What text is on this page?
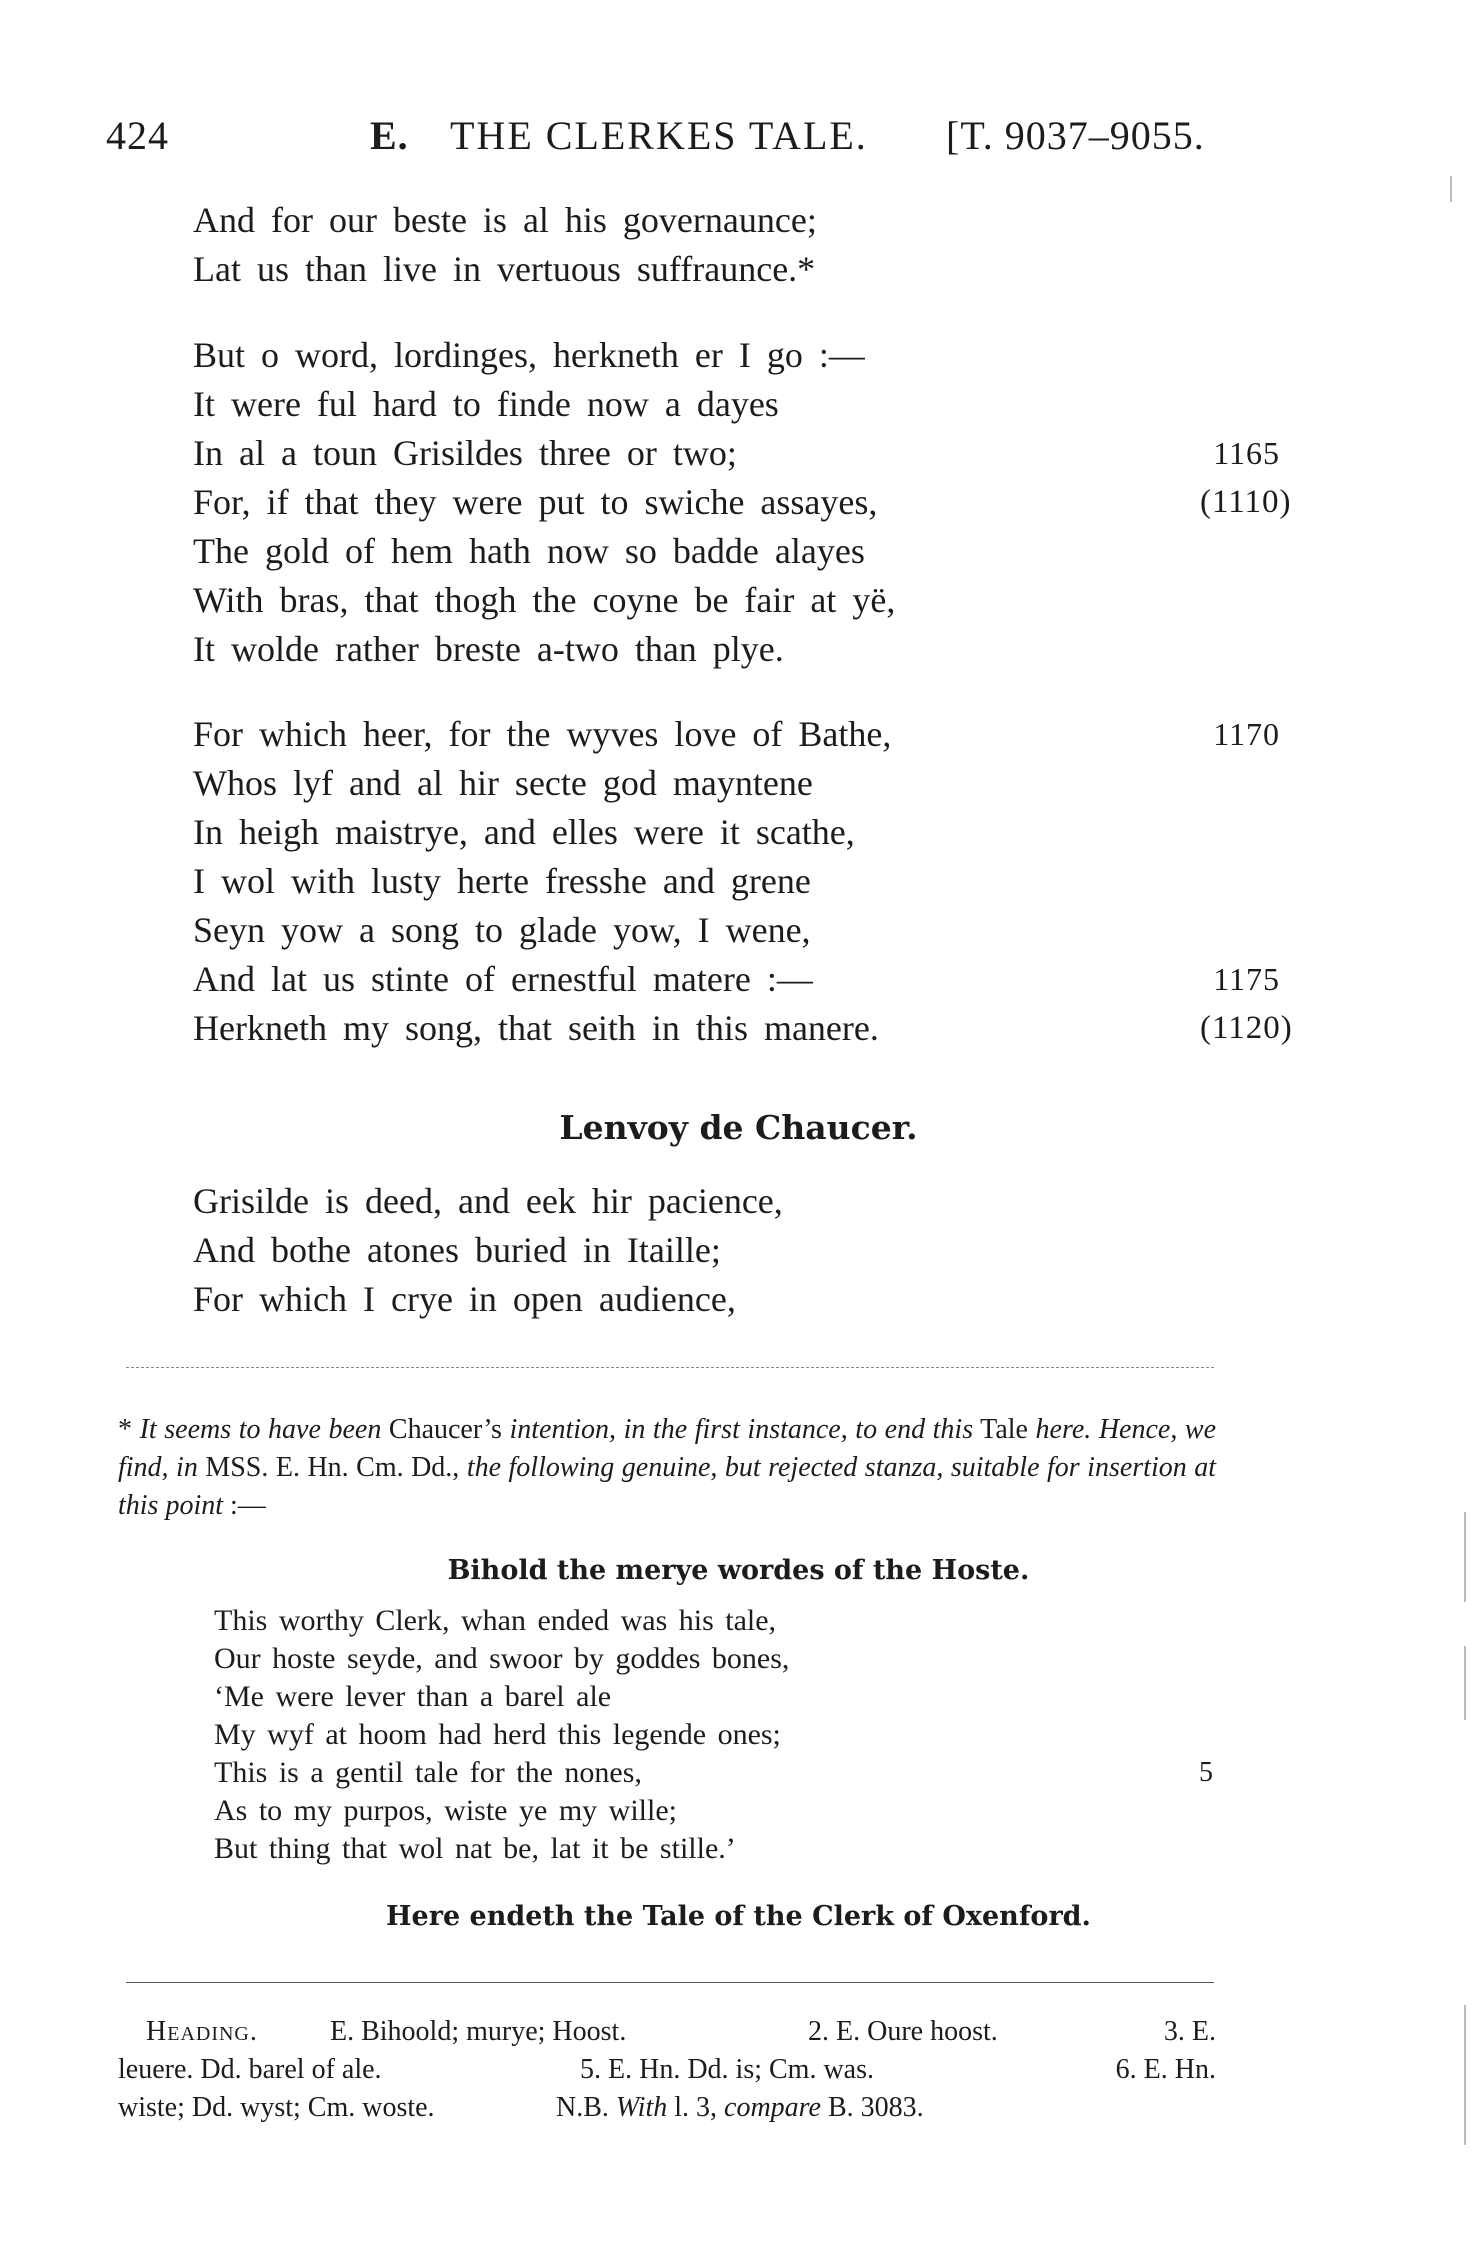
424	E. THE CLERKES TALE. [T. 9037–9055.
And for our beste is al his governaunce;
Lat us than live in vertuous suffraunce.*
But o word, lordinges, herkneth er I go :—
It were ful hard to finde now a dayes
In al a toun Grisildes three or two;	1165
For, if that they were put to swiche assayes,	(1110)
The gold of hem hath now so badde alayes
With bras, that thogh the coyne be fair at yë,
It wolde rather breste a-two than plye.
For which heer, for the wyves love of Bathe,	1170
Whos lyf and al hir secte god mayntene
In heigh maistrye, and elles were it scathe,
I wol with lusty herte fresshe and grene
Seyn yow a song to glade yow, I wene,
And lat us stinte of ernestful matere :—	1175
Herkneth my song, that seith in this manere.	(1120)
Lenvoy de Chaucer.
Grisilde is deed, and eek hir pacience,
And bothe atones buried in Itaille;
For which I crye in open audience,

* It seems to have been Chaucer’s intention, in the first instance, to end this Tale here. Hence, we find, in MSS. E. Hn. Cm. Dd., the following genuine, but rejected stanza, suitable for insertion at this point :—

Bihold the merye wordes of the Hoste.
This worthy Clerk, whan ended was his tale,
Our hoste seyde, and swoor by goddes bones,
‘Me were lever than a barel ale
My wyf at hoom had herd this legende ones;
This is a gentil tale for the nones,	5
As to my purpos, wiste ye my wille;
But thing that wol nat be, lat it be stille.’
Here endeth the Tale of the Clerk of Oxenford.
Heading.	E. Bihoold; murye; Hoost.	2. E. Oure hoost.	3. E.
leuere. Dd. barel of ale.	5. E. Hn. Dd. is; Cm. was.	6. E. Hn.
wiste; Dd. wyst; Cm. woste.	N.B. With l. 3, compare B. 3083.
